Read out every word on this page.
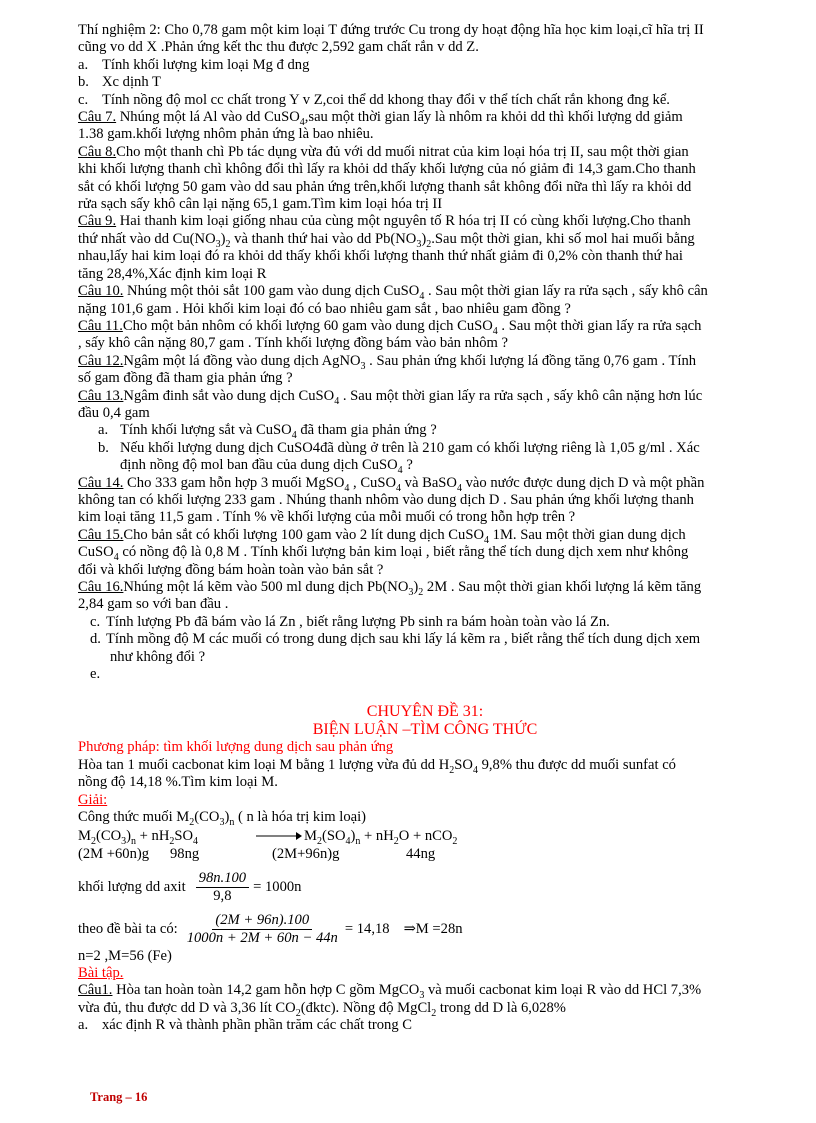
Thí nghiệm 2: Cho 0,78 gam một kim loại T đứng trước Cu trong dy hoạt động hĩa học kim loại,cĩ hĩa trị II
cũng vo dd X .Phản ứng kết thc thu được 2,592 gam chất rắn v dd Z.

a. Tính khối lượng kim loại Mg đ dng
b. Xc dịnh T
c. Tính nồng độ mol cc chất trong Y v Z,coi thể dd khong thay đổi v thể tích chất rắn khong đng kể.

Câu 7. Nhúng một lá Al vào dd CuSO$_4$,sau một thời gian lấy là nhôm ra khỏi dd thì khối lượng dd giảm
1.38 gam.khối lượng nhôm phản ứng là bao nhiêu.

Câu 8.Cho một thanh chì Pb tác dụng vừa đủ với dd muối nitrat của kim loại hóa trị II, sau một thời gian
khi khối lượng thanh chì không đổi thì lấy ra khỏi dd thấy khối lượng của nó giảm đi 14,3 gam.Cho thanh
sắt có khối lượng 50 gam vào dd sau phản ứng trên,khối lượng thanh sắt không đổi nữa thì lấy ra khỏi dd
rửa sạch sấy khô cân lại nặng 65,1 gam.Tìm kim loại hóa trị II

Câu 9. Hai thanh kim loại giống nhau của cùng một nguyên tố R hóa trị II có cùng khối lượng.Cho thanh
thứ nhất vào dd $Cu(NO_3)_2$ và thanh thứ hai vào dd $Pb(NO_3)_2.Sau$ một thời gian, khi số mol hai muối bằng
nhau,lấy hai kim loại đó ra khỏi dd thấy khối khối lượng thanh thứ nhất giảm đi 0,2% còn thanh thứ hai
tăng 28,4%,Xác định kim loại R

Câu 10. Nhúng một thỏi sắt 100 gam vào dung dịch CuSO$_4$ . Sau một thời gian lấy ra rửa sạch , sấy khô cân
nặng 101,6 gam . Hỏi khối kim loại đó có bao nhiêu gam sắt , bao nhiêu gam đồng ?

Câu 11.Cho một bản nhôm có khối lượng 60 gam vào dung dịch CuSO$_4$ . Sau một thời gian lấy ra rửa sạch
, sấy khô cân nặng 80,7 gam . Tính khối lượng đồng bám vào bản nhôm ?

Câu 12.Ngâm một lá đồng vào dung dịch AgNO$_3$ . Sau phản ứng khối lượng lá đồng tăng 0,76 gam . Tính
số gam đồng đã tham gia phản ứng ?

Câu 13.Ngâm đinh sắt vào dung dịch CuSO$_4$ . Sau một thời gian lấy ra rửa sạch , sấy khô cân nặng hơn lúc
đầu 0,4 gam

a. Tính khối lượng sắt và CuSO$_4$ đã tham gia phản ứng ?
b. Nếu khối lượng dung dịch CuSO4đã dùng ở trên là 210 gam có khối lượng riêng là 1,05 g/ml . Xác
định nồng độ mol ban đầu của dung dịch CuSO$_4$ ?

Câu 14. Cho 333 gam hỗn hợp 3 muối MgSO$_4$ , CuSO$_4$ và BaSO$_4$ vào nước được dung dịch D và một phần
không tan có khối lượng 233 gam . Nhúng thanh nhôm vào dung dịch D . Sau phản ứng khối lượng thanh
kim loại tăng 11,5 gam . Tính % về khối lượng của mỗi muối có trong hỗn hợp trên ?

Câu 15.Cho bản sắt có khối lượng 100 gam vào 2 lít dung dịch CuSO$_4$ 1M. Sau một thời gian dung dịch
CuSO$_4$ có nồng độ là 0,8 M . Tính khối lượng bản kim loại , biết rằng thể tích dung dịch xem như không
đổi và khối lượng đồng bám hoàn toàn vào bản sắt ?

Câu 16.Nhúng một lá kẽm vào 500 ml dung dịch $Pb(NO_3)_2$ 2M . Sau một thời gian khối lượng lá kẽm tăng
2,84 gam so với ban đầu .

c. Tính lượng Pb đã bám vào lá Zn , biết rằng lượng Pb sinh ra bám hoàn toàn vào lá Zn.
d. Tính mồng độ M các muối có trong dung dịch sau khi lấy lá kẽm ra , biết rằng thể tích dung dịch xem
như không đổi ?
e.
CHUYÊN ĐỀ 31:
BIỆN LUẬN –TÌM CÔNG THỨC

Phương pháp: tìm khối lượng dung dịch sau phản ứng

Hòa tan 1 muối cacbonat kim loại M bằng 1 lượng vừa đủ dd $H_2SO_4$ 9,8% thu được dd muối sunfat có
nồng độ 14,18 %.Tìm kim loại M.

Giải:

Công thức muối $M_2(CO_3)_n$ ( n là hóa trị kim loại)

$M_2(CO_3)_n + nH_2SO_4$	→ $M_2(SO_4)_n + nH_2O + nCO_2$
(2M +60n)g	98ng	(2M+96n)g	44ng
khối lượng dd axit $\frac{98n.100}{9,8} = 1000n$
theo đề bài ta có: $\frac{(2M + 96n).100}{1000n + 2M + 60n - 44n} = 14,18$ ⇒M =28n

n=2 ,M=56 (Fe)

Bài tập.

Câu1. Hòa tan hoàn toàn 14,2 gam hỗn hợp C gồm MgCO$_3$ và muối cacbonat kim loại R vào dd HCl 7,3%
vừa đủ, thu được dd D và 3,36 lít $CO_2(đktc)$. Nồng độ MgCl$_2$ trong dd D là 6,028%

a. xác định R và thành phần phần trăm các chất trong C
Trang – 16
